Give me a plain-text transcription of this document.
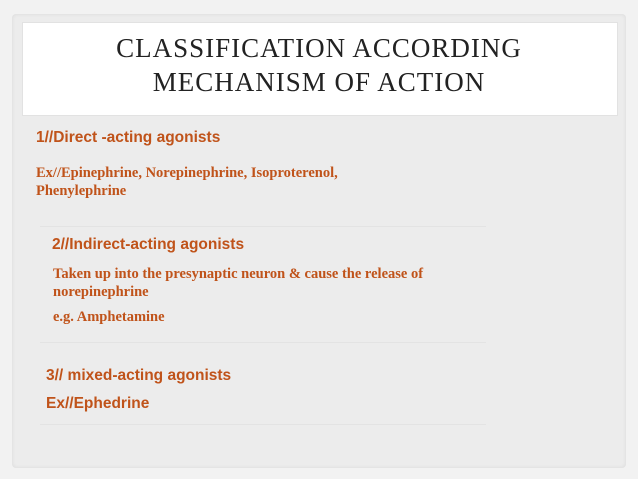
CLASSIFICATION ACCORDING
MECHANISM OF ACTION
1//Direct -acting agonists
Ex//Epinephrine, Norepinephrine, Isoproterenol,
Phenylephrine
2//Indirect-acting agonists
Taken up into the presynaptic neuron & cause the release of
norepinephrine
e.g. Amphetamine
3// mixed-acting agonists
Ex//Ephedrine
